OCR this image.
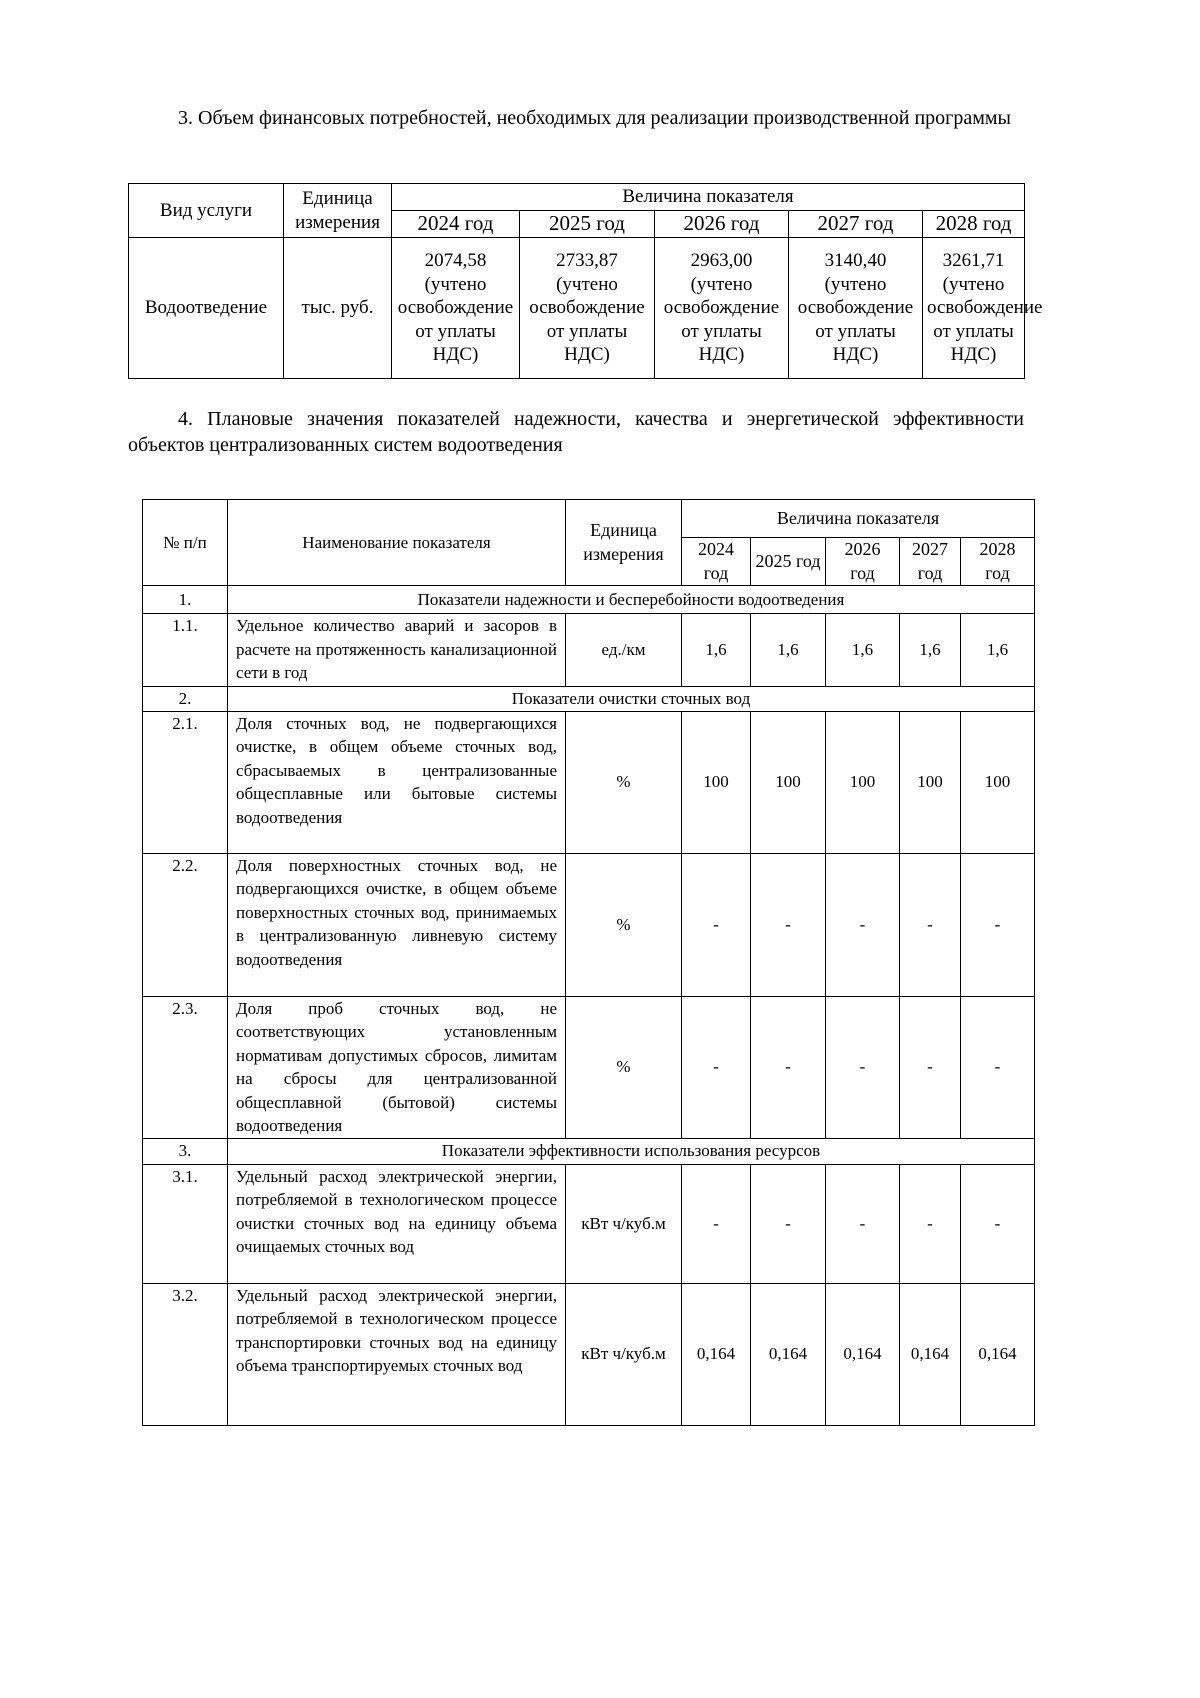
3. Объем финансовых потребностей, необходимых для реализации производственной программы

Вид услуги	Единица измерения	Величина показателя				
		2024 год	2025 год	2026 год	2027 год	2028 год
Водоотведение	тыс. руб.	2074,58 (учтено освобождение от уплаты НДС)	2733,87 (учтено освобождение от уплаты НДС)	2963,00 (учтено освобождение от уплаты НДС)	3140,40 (учтено освобождение от уплаты НДС)	3261,71 (учтено освобождение от уплаты НДС)

4. Плановые значения показателей надежности, качества и энергетической эффективности объектов централизованных систем водоотведения

№ п/п	Наименование показателя	Единица измерения	Величина показателя				
			2024 год	2025 год	2026 год	2027 год	2028 год
1.	Показатели надежности и бесперебойности водоотведения						
1.1.	Удельное количество аварий и засоров в расчете на протяженность канализационной сети в год	ед./км	1,6	1,6	1,6	1,6	1,6
2.	Показатели очистки сточных вод						
2.1.	Доля сточных вод, не подвергающихся очистке, в общем объеме сточных вод, сбрасываемых в централизованные общесплавные или бытовые системы водоотведения	%	100	100	100	100	100
2.2.	Доля поверхностных сточных вод, не подвергающихся очистке, в общем объеме поверхностных сточных вод, принимаемых в централизованную ливневую систему водоотведения	%	-	-	-	-	-
2.3.	Доля проб сточных вод, не соответствующих установленным нормативам допустимых сбросов, лимитам на сбросы для централизованной общесплавной (бытовой) системы водоотведения	%	-	-	-	-	-
3.	Показатели эффективности использования ресурсов						
3.1.	Удельный расход электрической энергии, потребляемой в технологическом процессе очистки сточных вод на единицу объема очищаемых сточных вод	кВт ч/куб.м	-	-	-	-	-
3.2.	Удельный расход электрической энергии, потребляемой в технологическом процессе транспортировки сточных вод на единицу объема транспортируемых сточных вод	кВт ч/куб.м	0,164	0,164	0,164	0,164	0,164
